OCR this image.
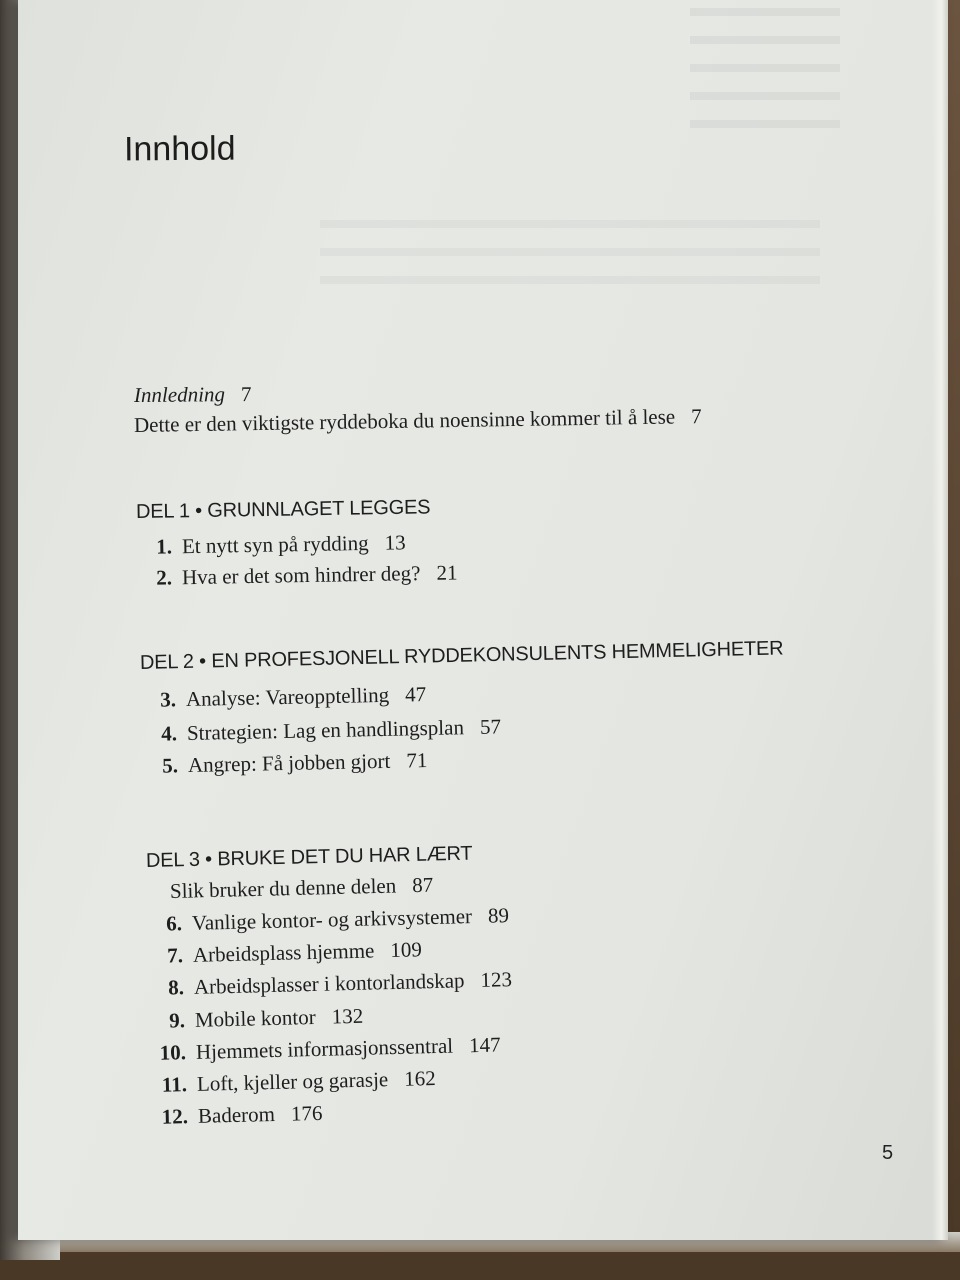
Innhold
Innledning 7
Dette er den viktigste ryddeboka du noensinne kommer til å lese 7
DEL 1 • GRUNNLAGET LEGGES
1. Et nytt syn på rydding 13
2. Hva er det som hindrer deg? 21
DEL 2 • EN PROFESJONELL RYDDEKONSULENTS HEMMELIGHETER
3. Analyse: Vareopptelling 47
4. Strategien: Lag en handlingsplan 57
5. Angrep: Få jobben gjort 71
DEL 3 • BRUKE DET DU HAR LÆRT
Slik bruker du denne delen 87
6. Vanlige kontor- og arkivsystemer 89
7. Arbeidsplass hjemme 109
8. Arbeidsplasser i kontorlandskap 123
9. Mobile kontor 132
10. Hjemmets informasjonssentral 147
11. Loft, kjeller og garasje 162
12. Baderom 176
5
